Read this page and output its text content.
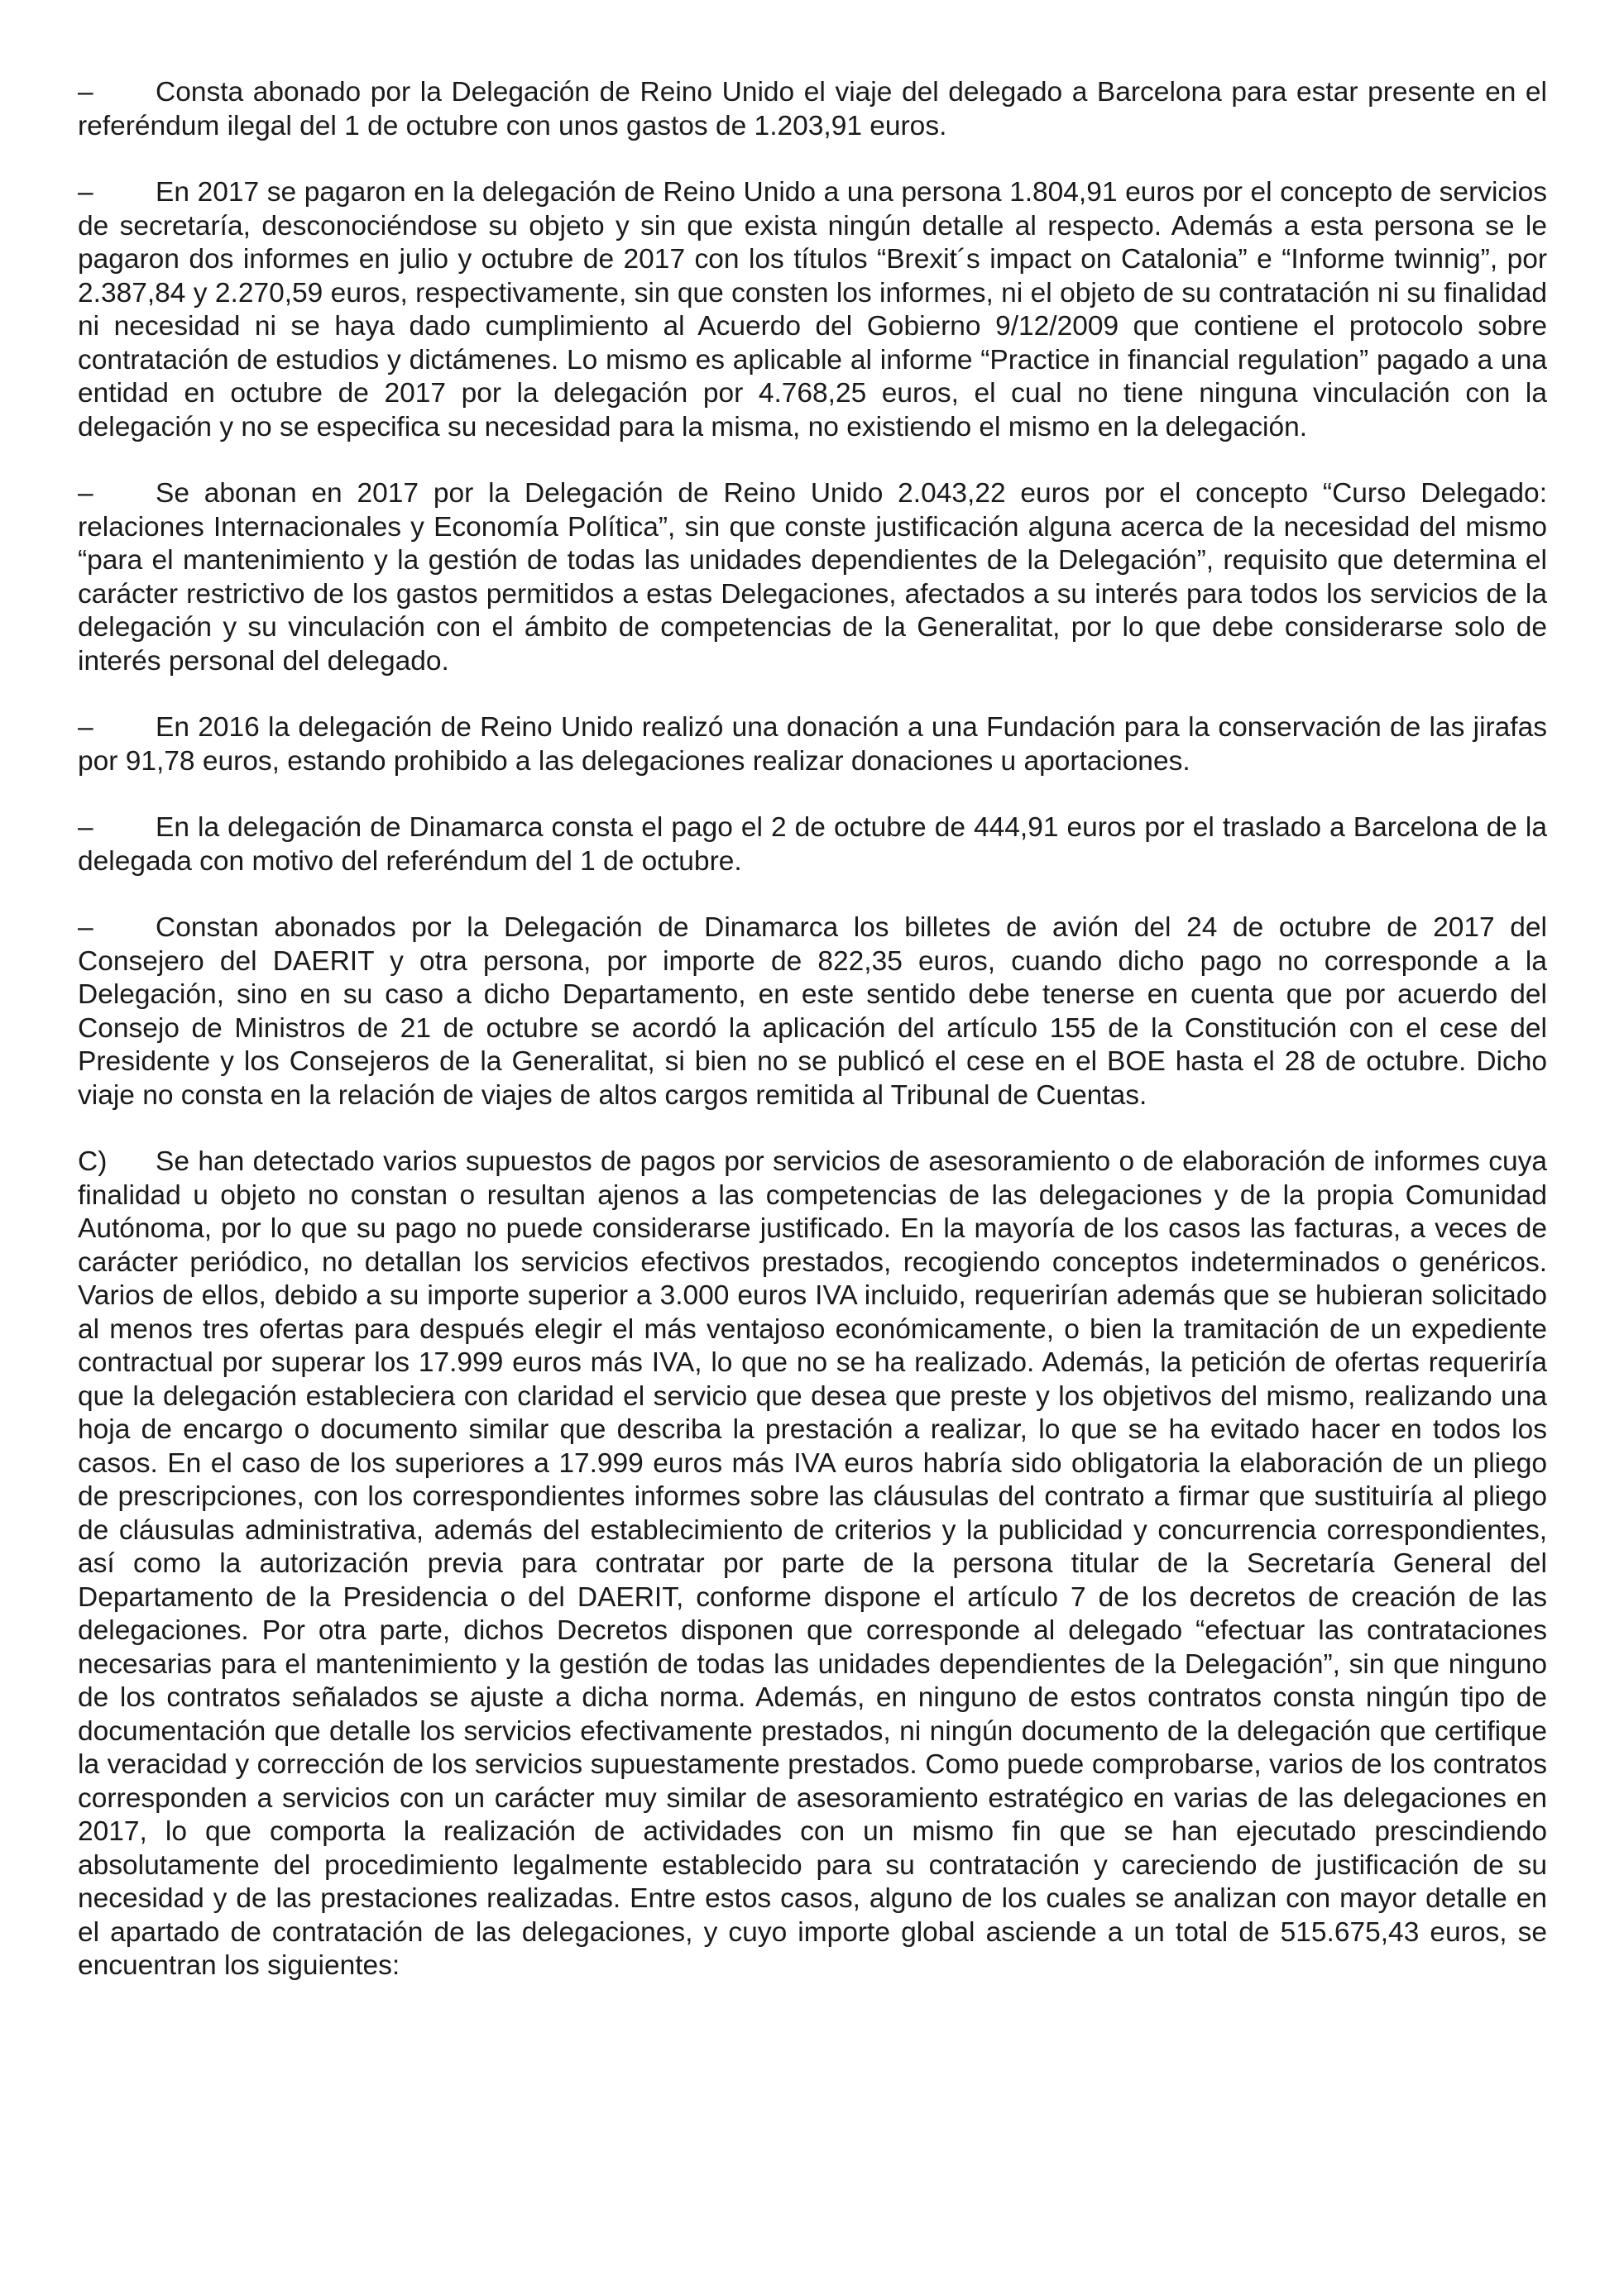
– Consta abonado por la Delegación de Reino Unido el viaje del delegado a Barcelona para estar presente en el referéndum ilegal del 1 de octubre con unos gastos de 1.203,91 euros.

– En 2017 se pagaron en la delegación de Reino Unido a una persona 1.804,91 euros por el concepto de servicios de secretaría, desconociéndose su objeto y sin que exista ningún detalle al respecto. Además a esta persona se le pagaron dos informes en julio y octubre de 2017 con los títulos “Brexit´s impact on Catalonia” e “Informe twinnig”, por 2.387,84 y 2.270,59 euros, respectivamente, sin que consten los informes, ni el objeto de su contratación ni su finalidad ni necesidad ni se haya dado cumplimiento al Acuerdo del Gobierno 9/12/2009 que contiene el protocolo sobre contratación de estudios y dictámenes. Lo mismo es aplicable al informe “Practice in financial regulation” pagado a una entidad en octubre de 2017 por la delegación por 4.768,25 euros, el cual no tiene ninguna vinculación con la delegación y no se especifica su necesidad para la misma, no existiendo el mismo en la delegación.

– Se abonan en 2017 por la Delegación de Reino Unido 2.043,22 euros por el concepto “Curso Delegado: relaciones Internacionales y Economía Política”, sin que conste justificación alguna acerca de la necesidad del mismo “para el mantenimiento y la gestión de todas las unidades dependientes de la Delegación”, requisito que determina el carácter restrictivo de los gastos permitidos a estas Delegaciones, afectados a su interés para todos los servicios de la delegación y su vinculación con el ámbito de competencias de la Generalitat, por lo que debe considerarse solo de interés personal del delegado.

– En 2016 la delegación de Reino Unido realizó una donación a una Fundación para la conservación de las jirafas por 91,78 euros, estando prohibido a las delegaciones realizar donaciones u aportaciones.

– En la delegación de Dinamarca consta el pago el 2 de octubre de 444,91 euros por el traslado a Barcelona de la delegada con motivo del referéndum del 1 de octubre.

– Constan abonados por la Delegación de Dinamarca los billetes de avión del 24 de octubre de 2017 del Consejero del DAERIT y otra persona, por importe de 822,35 euros, cuando dicho pago no corresponde a la Delegación, sino en su caso a dicho Departamento, en este sentido debe tenerse en cuenta que por acuerdo del Consejo de Ministros de 21 de octubre se acordó la aplicación del artículo 155 de la Constitución con el cese del Presidente y los Consejeros de la Generalitat, si bien no se publicó el cese en el BOE hasta el 28 de octubre. Dicho viaje no consta en la relación de viajes de altos cargos remitida al Tribunal de Cuentas.

C) Se han detectado varios supuestos de pagos por servicios de asesoramiento o de elaboración de informes cuya finalidad u objeto no constan o resultan ajenos a las competencias de las delegaciones y de la propia Comunidad Autónoma, por lo que su pago no puede considerarse justificado. En la mayoría de los casos las facturas, a veces de carácter periódico, no detallan los servicios efectivos prestados, recogiendo conceptos indeterminados o genéricos. Varios de ellos, debido a su importe superior a 3.000 euros IVA incluido, requerirían además que se hubieran solicitado al menos tres ofertas para después elegir el más ventajoso económicamente, o bien la tramitación de un expediente contractual por superar los 17.999 euros más IVA, lo que no se ha realizado. Además, la petición de ofertas requeriría que la delegación estableciera con claridad el servicio que desea que preste y los objetivos del mismo, realizando una hoja de encargo o documento similar que describa la prestación a realizar, lo que se ha evitado hacer en todos los casos. En el caso de los superiores a 17.999 euros más IVA euros habría sido obligatoria la elaboración de un pliego de prescripciones, con los correspondientes informes sobre las cláusulas del contrato a firmar que sustituiría al pliego de cláusulas administrativa, además del establecimiento de criterios y la publicidad y concurrencia correspondientes, así como la autorización previa para contratar por parte de la persona titular de la Secretaría General del Departamento de la Presidencia o del DAERIT, conforme dispone el artículo 7 de los decretos de creación de las delegaciones. Por otra parte, dichos Decretos disponen que corresponde al delegado “efectuar las contrataciones necesarias para el mantenimiento y la gestión de todas las unidades dependientes de la Delegación”, sin que ninguno de los contratos señalados se ajuste a dicha norma. Además, en ninguno de estos contratos consta ningún tipo de documentación que detalle los servicios efectivamente prestados, ni ningún documento de la delegación que certifique la veracidad y corrección de los servicios supuestamente prestados. Como puede comprobarse, varios de los contratos corresponden a servicios con un carácter muy similar de asesoramiento estratégico en varias de las delegaciones en 2017, lo que comporta la realización de actividades con un mismo fin que se han ejecutado prescindiendo absolutamente del procedimiento legalmente establecido para su contratación y careciendo de justificación de su necesidad y de las prestaciones realizadas. Entre estos casos, alguno de los cuales se analizan con mayor detalle en el apartado de contratación de las delegaciones, y cuyo importe global asciende a un total de 515.675,43 euros, se encuentran los siguientes:
